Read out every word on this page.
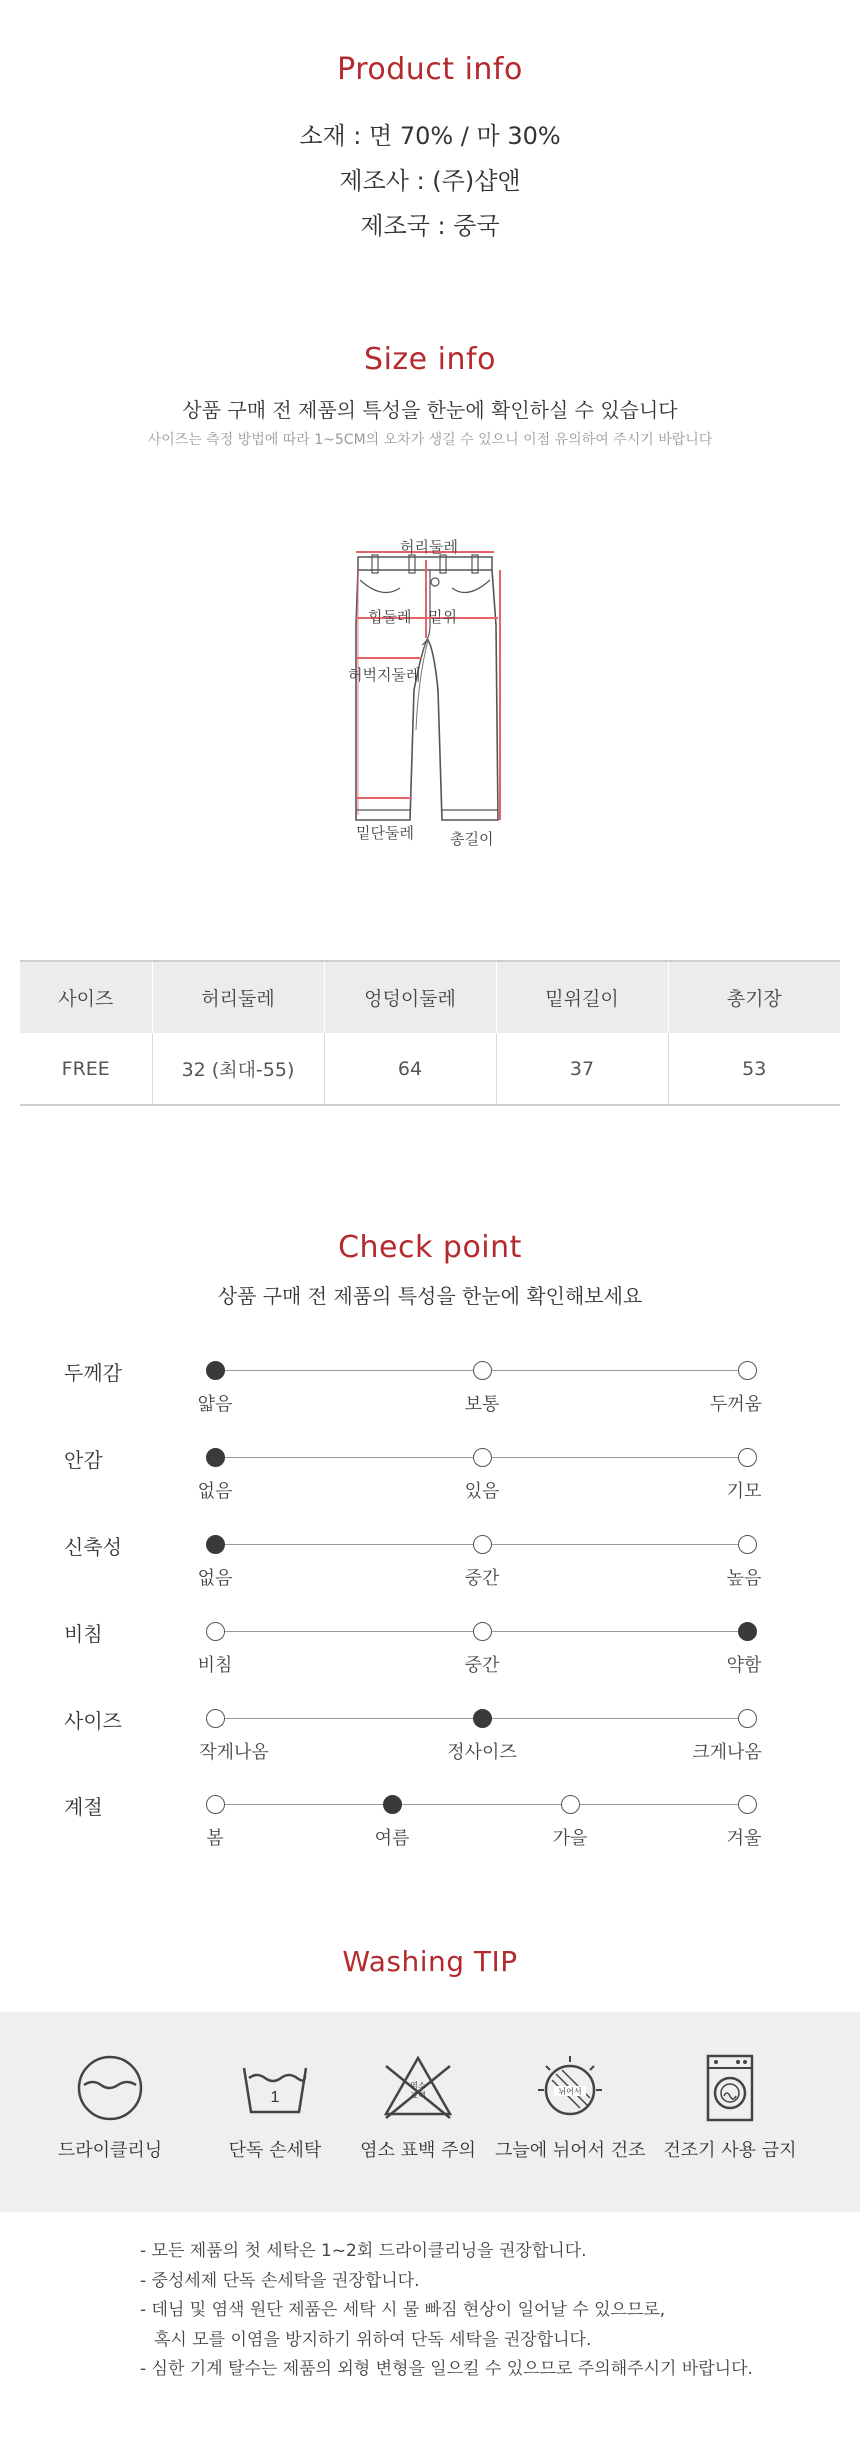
Product info
소재 : 면 70% / 마 30%
제조사 : (주)샵앤
제조국 : 중국
Size info
상품 구매 전 제품의 특성을 한눈에 확인하실 수 있습니다
사이즈는 측정 방법에 따라 1~5CM의 오차가 생길 수 있으니 이점 유의하여 주시기 바랍니다
허리둘레
힙둘레 밑위
허벅지둘레
밑단둘레 총길이
사이즈	허리둘레	엉덩이둘레	밑위길이	총기장
FREE	32 (최대-55)	64	37	53
Check point
상품 구매 전 제품의 특성을 한눈에 확인해보세요
두께감
얇음	보통	두꺼움
안감
없음	있음	기모
신축성
없음	중간	높음
비침
비침	중간	약함
사이즈
작게나옴	정사이즈	크게나옴
계절
봄	여름	가을	겨울
Washing TIP
드라이클리닝
1
단독 손세탁
염소 표백
염소 표백 주의
뉘어서
그늘에 뉘어서 건조 건조기 사용 금지
- 모든 제품의 첫 세탁은 1~2회 드라이클리닝을 권장합니다.
- 중성세제 단독 손세탁을 권장합니다.
- 데님 및 염색 원단 제품은 세탁 시 물 빠짐 현상이 일어날 수 있으므로,
혹시 모를 이염을 방지하기 위하여 단독 세탁을 권장합니다.
- 심한 기계 탈수는 제품의 외형 변형을 일으킬 수 있으므로 주의해주시기 바랍니다.
